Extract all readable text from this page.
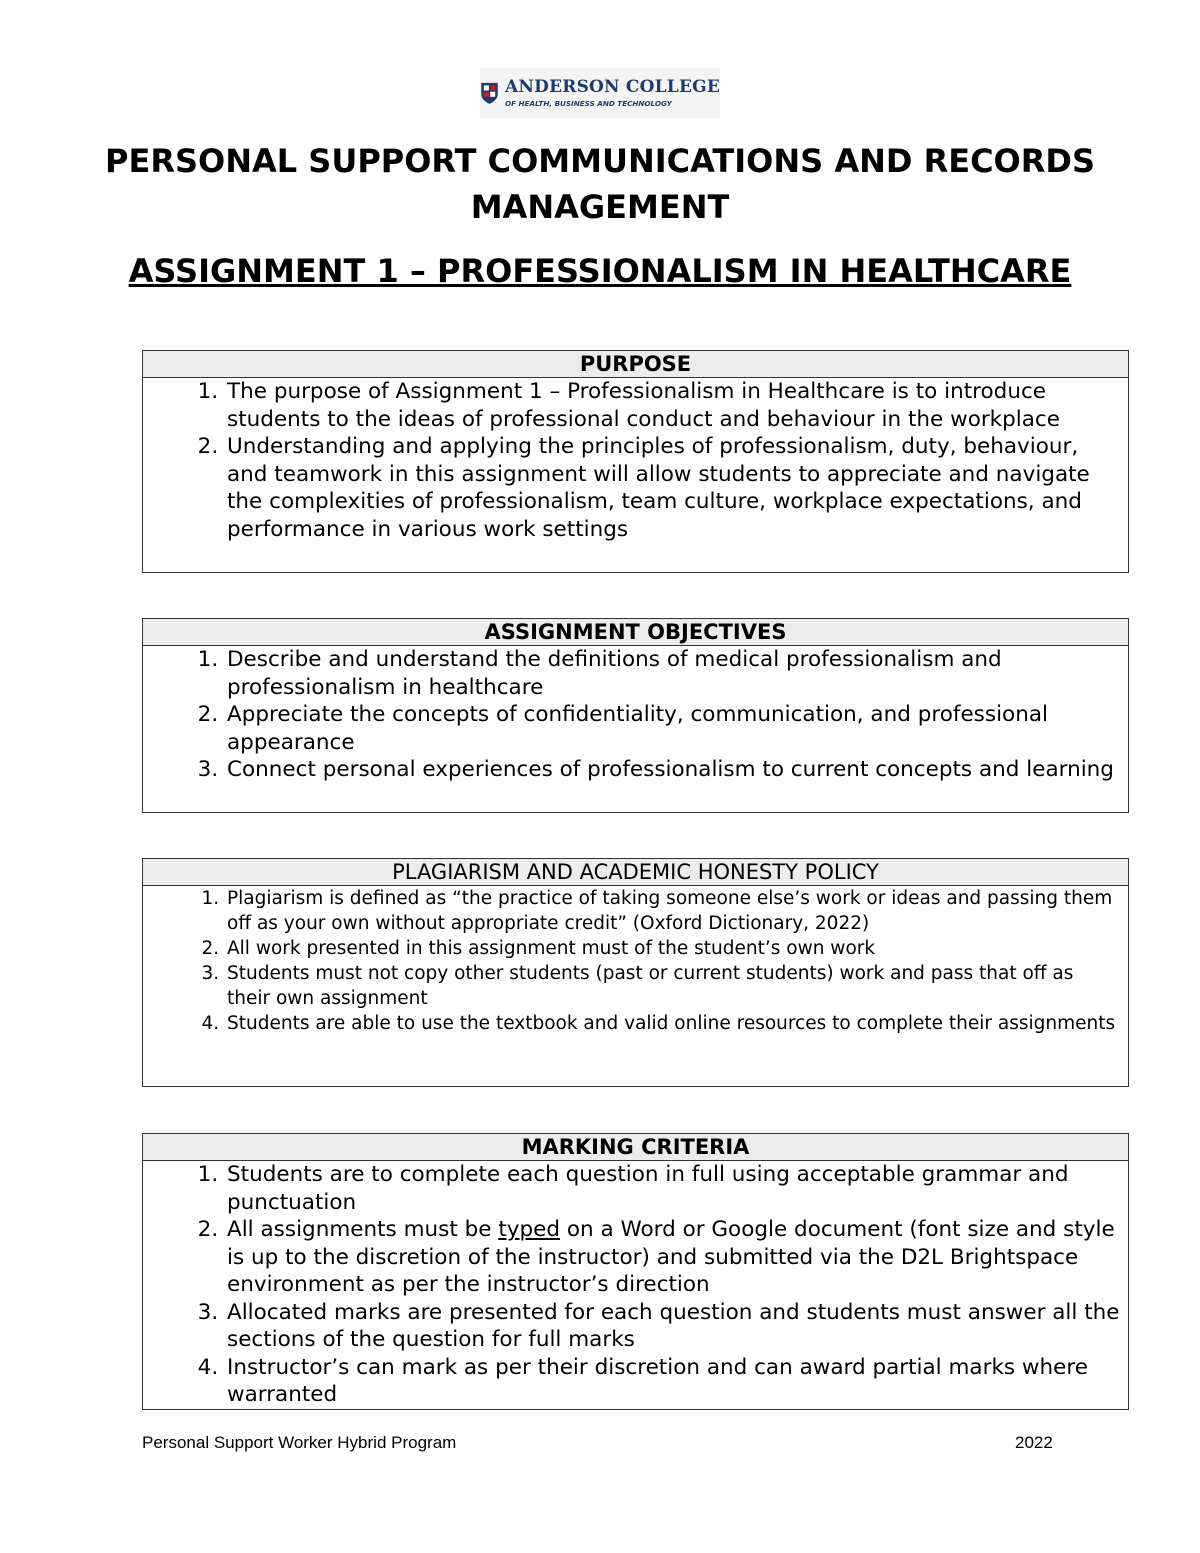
ANDERSON COLLEGE
OF HEALTH, BUSINESS AND TECHNOLOGY
PERSONAL SUPPORT COMMUNICATIONS AND RECORDS MANAGEMENT
ASSIGNMENT 1 – PROFESSIONALISM IN HEALTHCARE
PURPOSE
1. The purpose of Assignment 1 – Professionalism in Healthcare is to introduce students to the ideas of professional conduct and behaviour in the workplace
2. Understanding and applying the principles of professionalism, duty, behaviour, and teamwork in this assignment will allow students to appreciate and navigate the complexities of professionalism, team culture, workplace expectations, and performance in various work settings
ASSIGNMENT OBJECTIVES
1. Describe and understand the definitions of medical professionalism and professionalism in healthcare
2. Appreciate the concepts of confidentiality, communication, and professional appearance
3. Connect personal experiences of professionalism to current concepts and learning
PLAGIARISM AND ACADEMIC HONESTY POLICY
1. Plagiarism is defined as “the practice of taking someone else’s work or ideas and passing them off as your own without appropriate credit” (Oxford Dictionary, 2022)
2. All work presented in this assignment must of the student’s own work
3. Students must not copy other students (past or current students) work and pass that off as their own assignment
4. Students are able to use the textbook and valid online resources to complete their assignments
MARKING CRITERIA
1. Students are to complete each question in full using acceptable grammar and punctuation
2. All assignments must be typed on a Word or Google document (font size and style is up to the discretion of the instructor) and submitted via the D2L Brightspace environment as per the instructor’s direction
3. Allocated marks are presented for each question and students must answer all the sections of the question for full marks
4. Instructor’s can mark as per their discretion and can award partial marks where warranted
Personal Support Worker Hybrid Program	2022
